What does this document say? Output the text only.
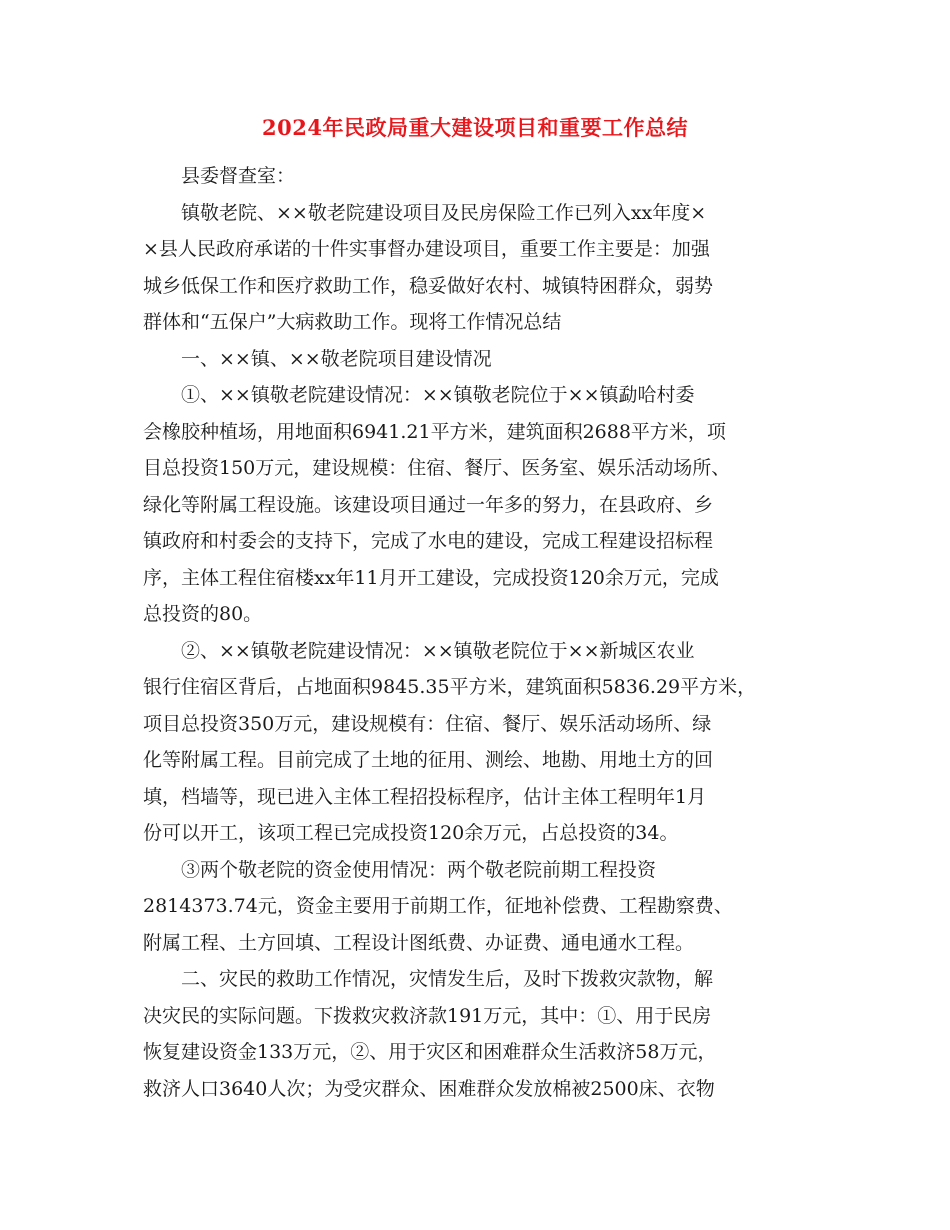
2024年民政局重大建设项目和重要工作总结

县委督查室：

镇敬老院、××敬老院建设项目及民房保险工作已列入xx年度×

×县人民政府承诺的十件实事督办建设项目，重要工作主要是：加强

城乡低保工作和医疗救助工作，稳妥做好农村、城镇特困群众，弱势

群体和“五保户”大病救助工作。现将工作情况总结

一、××镇、××敬老院项目建设情况

①、××镇敬老院建设情况：××镇敬老院位于××镇勐哈村委

会橡胶种植场，用地面积6941.21平方米，建筑面积2688平方米，项

目总投资150万元，建设规模：住宿、餐厅、医务室、娱乐活动场所、

绿化等附属工程设施。该建设项目通过一年多的努力，在县政府、乡

镇政府和村委会的支持下，完成了水电的建设，完成工程建设招标程

序，主体工程住宿楼xx年11月开工建设，完成投资120余万元，完成

总投资的80。

②、××镇敬老院建设情况：××镇敬老院位于××新城区农业

银行住宿区背后，占地面积9845.35平方米，建筑面积5836.29平方米，

项目总投资350万元，建设规模有：住宿、餐厅、娱乐活动场所、绿

化等附属工程。目前完成了土地的征用、测绘、地勘、用地土方的回

填，档墙等，现已进入主体工程招投标程序，估计主体工程明年1月

份可以开工，该项工程已完成投资120余万元，占总投资的34。

③两个敬老院的资金使用情况：两个敬老院前期工程投资

2814373.74元，资金主要用于前期工作，征地补偿费、工程勘察费、

附属工程、土方回填、工程设计图纸费、办证费、通电通水工程。

二、灾民的救助工作情况，灾情发生后，及时下拨救灾款物，解

决灾民的实际问题。下拨救灾救济款191万元，其中：①、用于民房

恢复建设资金133万元，②、用于灾区和困难群众生活救济58万元，

救济人口3640人次；为受灾群众、困难群众发放棉被2500床、衣物
